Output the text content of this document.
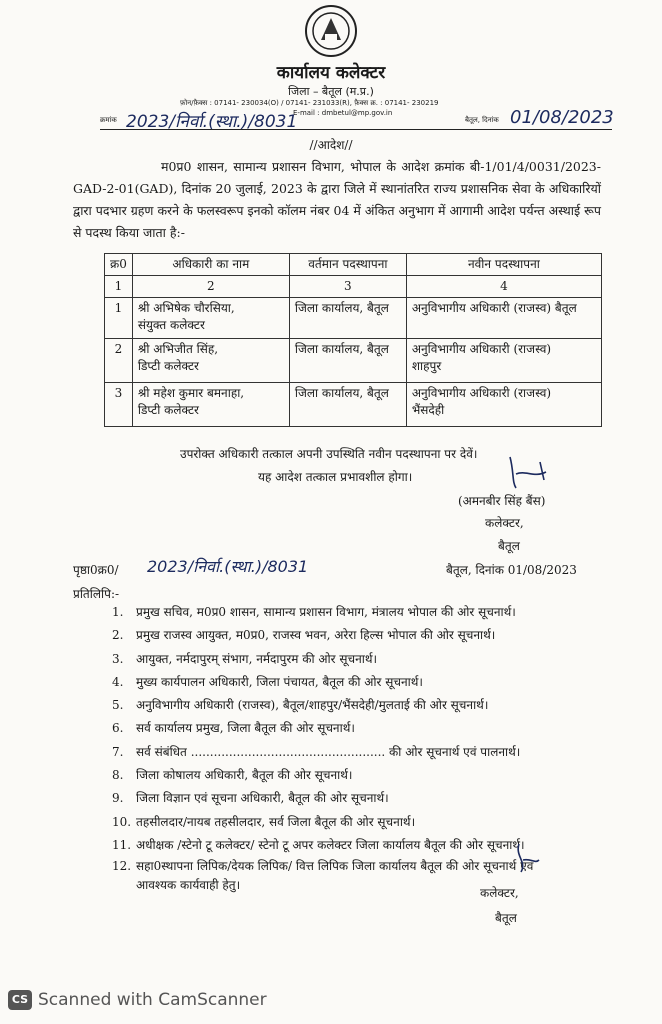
कार्यालय कलेक्टर
जिला – बैतूल (म.प्र.)
फ़ोन/फ़ैक्स : 07141- 230034(O) / 07141- 231033(R), फ़ैक्स क्र. : 07141- 230219
E-mail : dmbetul@mp.gov.in
क्रमांक 2023/निर्वा.(स्था.)/8031	बैतूल, दिनांक 01/08/2023
//आदेश//
म0प्र0 शासन, सामान्य प्रशासन विभाग, भोपाल के आदेश क्रमांक बी-1/01/4/0031/2023-GAD-2-01(GAD), दिनांक 20 जुलाई, 2023 के द्वारा जिले में स्थानांतरित राज्य प्रशासनिक सेवा के अधिकारियों द्वारा पदभार ग्रहण करने के फलस्वरूप इनको कॉलम नंबर 04 में अंकित अनुभाग में आगामी आदेश पर्यन्त अस्थाई रूप से पदस्थ किया जाता है:-
क्र0	अधिकारी का नाम	वर्तमान पदस्थापना	नवीन पदस्थापना
1	2	3	4
1	श्री अभिषेक चौरसिया,
संयुक्त कलेक्टर	जिला कार्यालय, बैतूल	अनुविभागीय अधिकारी (राजस्व) बैतूल

2	श्री अभिजीत सिंह,
डिप्टी कलेक्टर	जिला कार्यालय, बैतूल	अनुविभागीय अधिकारी (राजस्व)
शाहपुर
3	श्री महेश कुमार बमनाहा,
डिप्टी कलेक्टर	जिला कार्यालय, बैतूल	अनुविभागीय अधिकारी (राजस्व)
भैंसदेही
उपरोक्त अधिकारी तत्काल अपनी उपस्थिति नवीन पदस्थापना पर देवें।
यह आदेश तत्काल प्रभावशील होगा।
(अमनबीर सिंह बैंस)
कलेक्टर,
बैतूल
पृष्ठा0क्र0/ 2023/निर्वा.(स्था.)/8031	बैतूल, दिनांक 01/08/2023
प्रतिलिपि:-
1. प्रमुख सचिव, म0प्र0 शासन, सामान्य प्रशासन विभाग, मंत्रालय भोपाल की ओर सूचनार्थ।
2. प्रमुख राजस्व आयुक्त, म0प्र0, राजस्व भवन, अरेरा हिल्स भोपाल की ओर सूचनार्थ।
3. आयुक्त, नर्मदापुरम् संभाग, नर्मदापुरम की ओर सूचनार्थ।
4. मुख्य कार्यपालन अधिकारी, जिला पंचायत, बैतूल की ओर सूचनार्थ।
5. अनुविभागीय अधिकारी (राजस्व), बैतूल/शाहपुर/भैंसदेही/मुलताई की ओर सूचनार्थ।
6. सर्व कार्यालय प्रमुख, जिला बैतूल की ओर सूचनार्थ।
7. सर्व संबंधित ................................................... की ओर सूचनार्थ एवं पालनार्थ।
8. जिला कोषालय अधिकारी, बैतूल की ओर सूचनार्थ।
9. जिला विज्ञान एवं सूचना अधिकारी, बैतूल की ओर सूचनार्थ।
10. तहसीलदार/नायब तहसीलदार, सर्व जिला बैतूल की ओर सूचनार्थ।
11. अधीक्षक /स्टेनो टू कलेक्टर/ स्टेनो टू अपर कलेक्टर जिला कार्यालय बैतूल की ओर सूचनार्थ।
12. सहा0स्थापना लिपिक/देयक लिपिक/ वित्त लिपिक जिला कार्यालय बैतूल की ओर सूचनार्थ एवं
आवश्यक कार्यवाही हेतु।
कलेक्टर,
बैतूल
CS Scanned with CamScanner
